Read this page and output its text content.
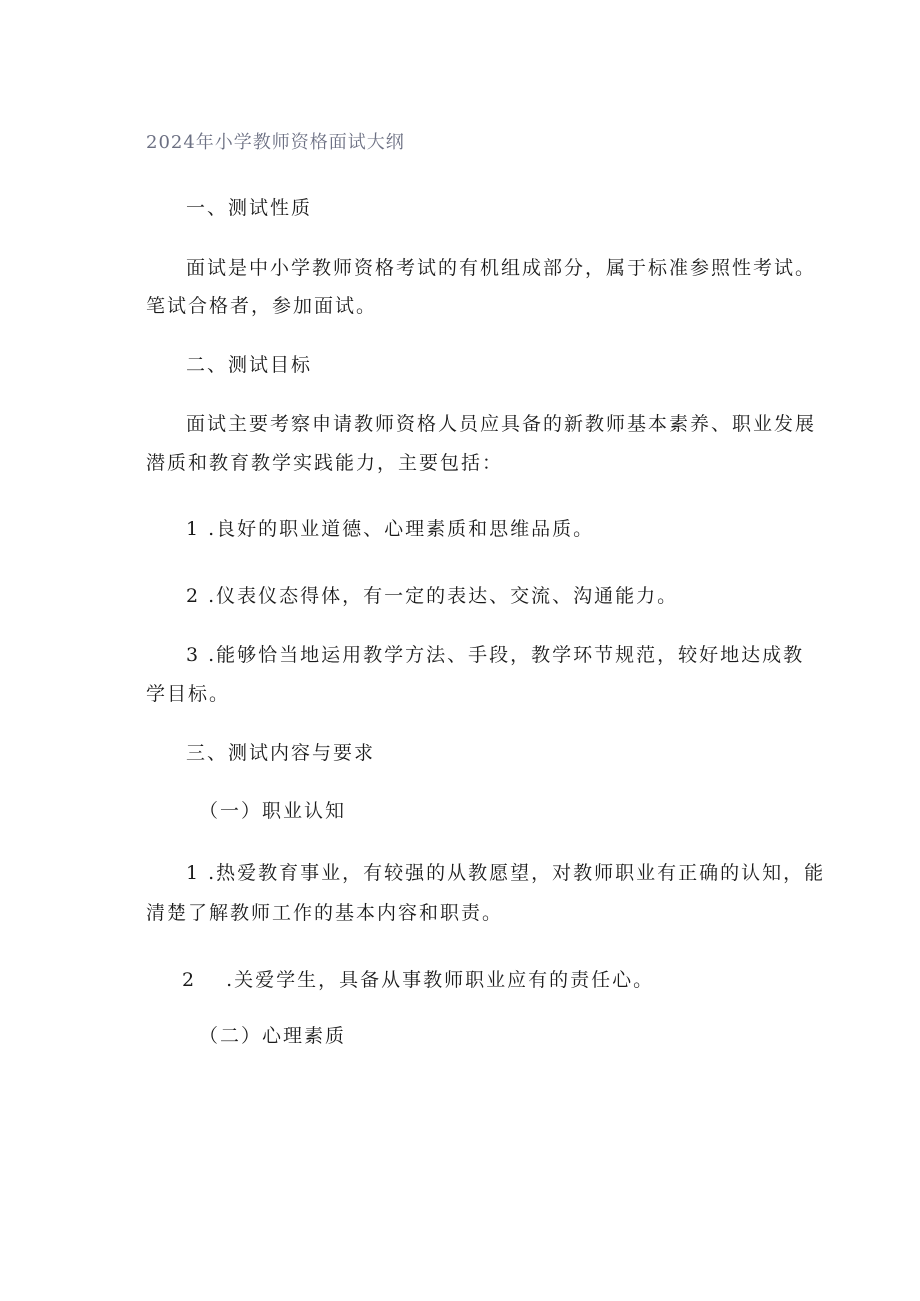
2024年小学教师资格面试大纲
一、测试性质
面试是中小学教师资格考试的有机组成部分，属于标准参照性考试。
笔试合格者，参加面试。
二、测试目标
面试主要考察申请教师资格人员应具备的新教师基本素养、职业发展
潜质和教育教学实践能力，主要包括：
1 .良好的职业道德、心理素质和思维品质。
2 .仪表仪态得体，有一定的表达、交流、沟通能力。
3 .能够恰当地运用教学方法、手段，教学环节规范，较好地达成教
学目标。
三、测试内容与要求
（一）职业认知
1 .热爱教育事业，有较强的从教愿望，对教师职业有正确的认知，能
清楚了解教师工作的基本内容和职责。
2 .关爱学生，具备从事教师职业应有的责任心。
（二）心理素质
